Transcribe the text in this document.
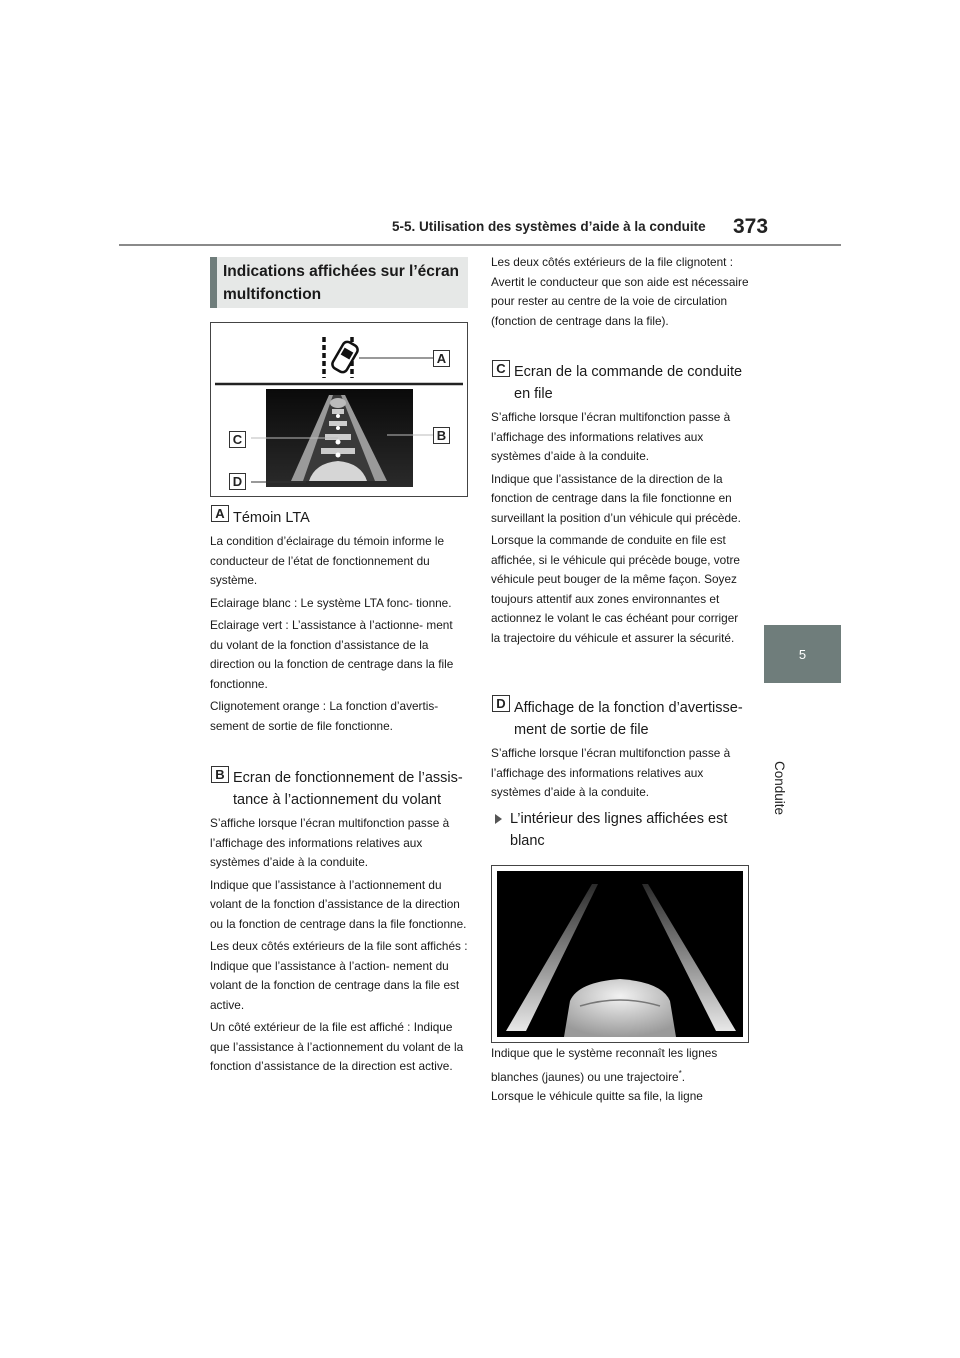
5-5. Utilisation des systèmes d’aide à la conduite 373
5
Conduite
Indications affichées sur l’écran multifonction
A
B
C
D
A Témoin LTA

La condition d’éclairage du témoin informe le conducteur de l’état de fonctionnement du système.

Eclairage blanc : Le système LTA fonc- tionne.

Eclairage vert : L’assistance à l’actionne- ment du volant de la fonction d’assistance de la direction ou la fonction de centrage dans la file fonctionne.

Clignotement orange : La fonction d’avertis- sement de sortie de file fonctionne.

B Ecran de fonctionnement de l’assis-
tance à l’actionnement du volant

S’affiche lorsque l’écran multifonction passe à l’affichage des informations relatives aux systèmes d’aide à la conduite.

Indique que l’assistance à l’actionnement du volant de la fonction d’assistance de la direction ou la fonction de centrage dans la file fonctionne.

Les deux côtés extérieurs de la file sont affichés : Indique que l’assistance à l’action- nement du volant de la fonction de centrage dans la file est active.

Un côté extérieur de la file est affiché : Indique que l’assistance à l’actionnement du volant de la fonction d’assistance de la direction est active.

Les deux côtés extérieurs de la file clignotent : Avertit le conducteur que son aide est nécessaire pour rester au centre de la voie de circulation (fonction de centrage dans la file).
C Ecran de la commande de conduite
en file

S’affiche lorsque l’écran multifonction passe à l’affichage des informations relatives aux systèmes d’aide à la conduite.

Indique que l’assistance de la direction de la fonction de centrage dans la file fonctionne en surveillant la position d’un véhicule qui précède.

Lorsque la commande de conduite en file est affichée, si le véhicule qui précède bouge, votre véhicule peut bouger de la même façon. Soyez toujours attentif aux zones environnantes et actionnez le volant le cas échéant pour corriger la trajectoire du véhicule et assurer la sécurité.

D Affichage de la fonction d’avertisse-
ment de sortie de file

S’affiche lorsque l’écran multifonction passe à l’affichage des informations relatives aux systèmes d’aide à la conduite.

L’intérieur des lignes affichées est
blanc
Indique que le système reconnaît les lignes
blanches (jaunes) ou une trajectoire*.
Lorsque le véhicule quitte sa file, la ligne
